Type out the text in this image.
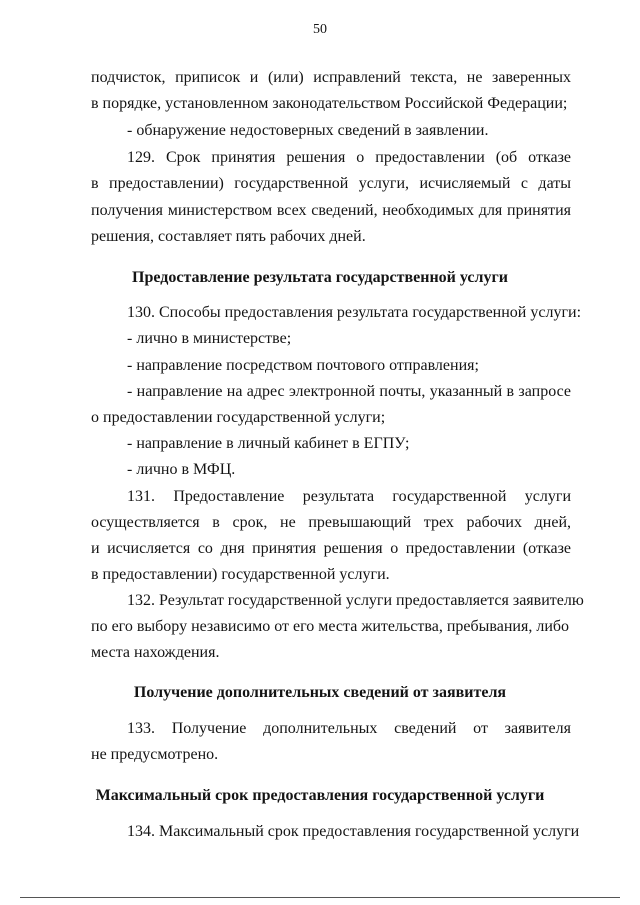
50
подчисток, приписок и (или) исправлений текста, не заверенных
в порядке, установленном законодательством Российской Федерации;
- обнаружение недостоверных сведений в заявлении.
129. Срок принятия решения о предоставлении (об отказе
в предоставлении) государственной услуги, исчисляемый с даты
получения министерством всех сведений, необходимых для принятия
решения, составляет пять рабочих дней.
Предоставление результата государственной услуги
130. Способы предоставления результата государственной услуги:
- лично в министерстве;
- направление посредством почтового отправления;
- направление на адрес электронной почты, указанный в запросе
о предоставлении государственной услуги;
- направление в личный кабинет в ЕГПУ;
- лично в МФЦ.
131. Предоставление результата государственной услуги
осуществляется в срок, не превышающий трех рабочих дней,
и исчисляется со дня принятия решения о предоставлении (отказе
в предоставлении) государственной услуги.
132. Результат государственной услуги предоставляется заявителю
по его выбору независимо от его места жительства, пребывания, либо
места нахождения.
Получение дополнительных сведений от заявителя
133. Получение дополнительных сведений от заявителя
не предусмотрено.
Максимальный срок предоставления государственной услуги
134. Максимальный срок предоставления государственной услуги
